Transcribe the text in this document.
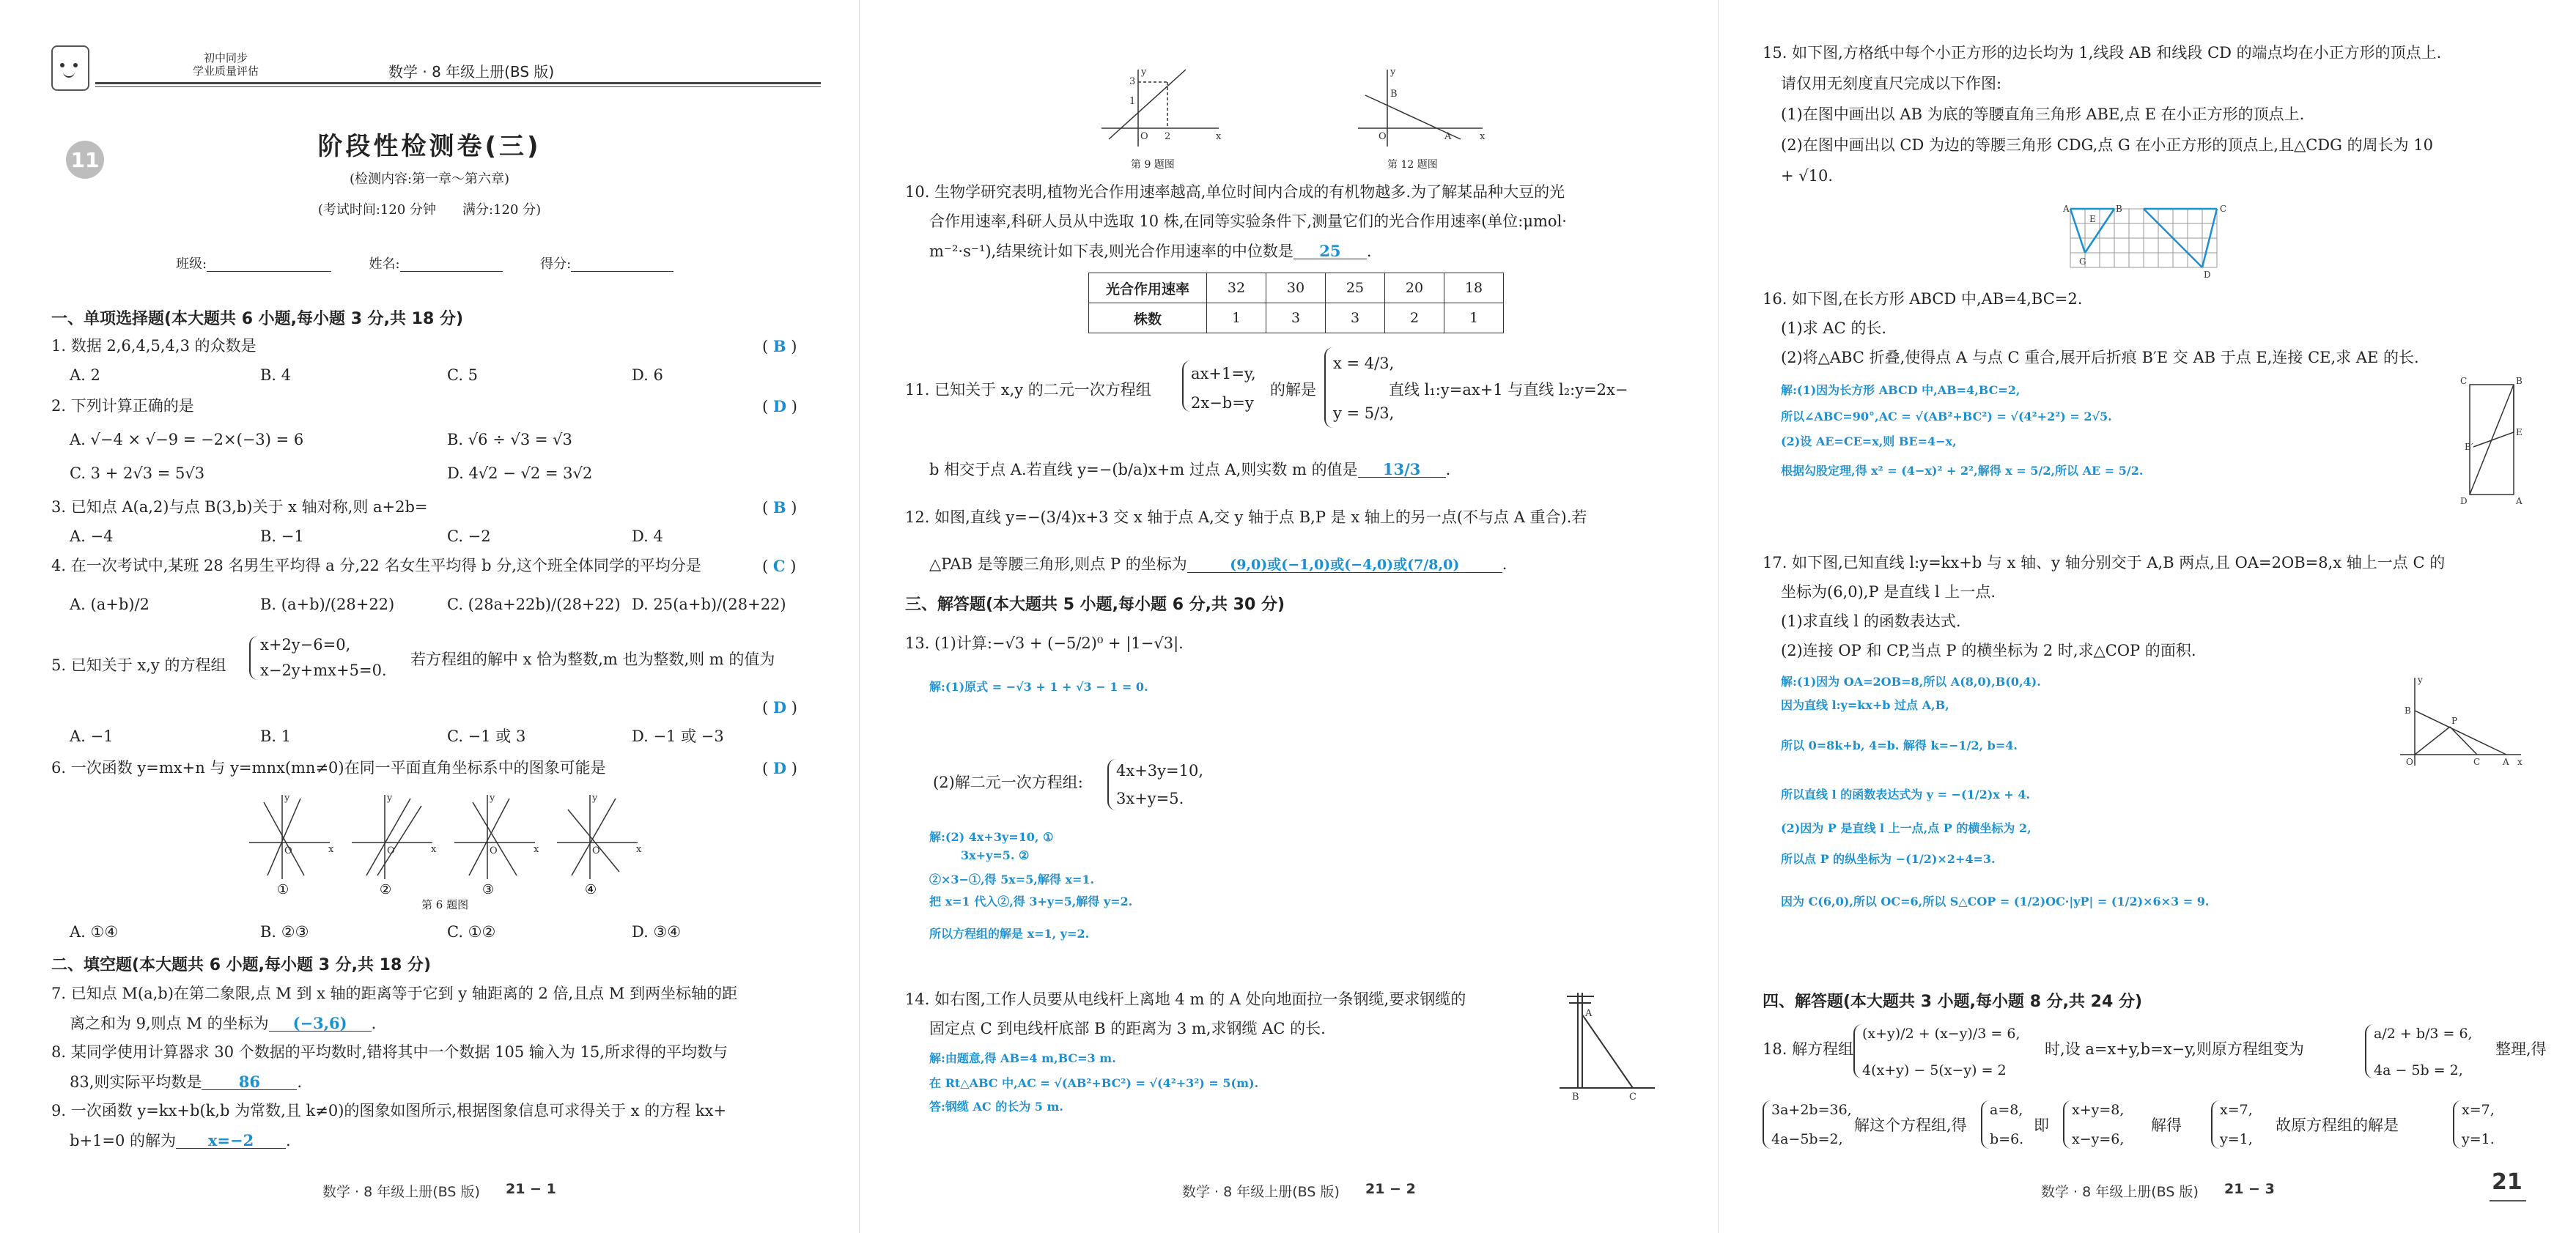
初中同步
学业质量评估	数学 · 8 年级上册(BS 版)
11	阶段性检测卷(三)
(检测内容:第一章～第六章)
(考试时间:120 分钟　　满分:120 分)
班级:	姓名:	得分:
一、单项选择题(本大题共 6 小题,每小题 3 分,共 18 分)
1. 数据 2,6,4,5,4,3 的众数是	( B )
A. 2	B. 4	C. 5	D. 6
2. 下列计算正确的是	( D )
A. √−4 × √−9 = −2×(−3) = 6	B. √6 ÷ √3 = √3
C. 3 + 2√3 = 5√3	D. 4√2 − √2 = 3√2
3. 已知点 A(a,2)与点 B(3,b)关于 x 轴对称,则 a+2b=	( B )
A. −4	B. −1	C. −2	D. 4
4. 在一次考试中,某班 28 名男生平均得 a 分,22 名女生平均得 b 分,这个班全体同学的平均分是	( C )
A. (a+b)/2	B. (a+b)/(28+22)	C. (28a+22b)/(28+22) D. 25(a+b)/(28+22)
5. 已知关于 x,y 的方程组
x+2y−6=0,
x−2y+mx+5=0.
若方程组的解中 x 恰为整数,m 也为整数,则 m 的值为
( D )
A. −1	B. 1	C. −1 或 3	D. −1 或 −3
6. 一次函数 y=mx+n 与 y=mnx(mn≠0)在同一平面直角坐标系中的图象可能是	( D )
O	x
y
O	x
y
O	x
y
O	x
y
①	②	③	④
第 6 题图
A. ①④	B. ②③	C. ①②	D. ③④
二、填空题(本大题共 6 小题,每小题 3 分,共 18 分)
7. 已知点 M(a,b)在第二象限,点 M 到 x 轴的距离等于它到 y 轴距离的 2 倍,且点 M 到两坐标轴的距
离之和为 9,则点 M 的坐标为 (−3,6) .
8. 某同学使用计算器求 30 个数据的平均数时,错将其中一个数据 105 输入为 15,所求得的平均数与
83,则实际平均数是 86 .
9. 一次函数 y=kx+b(k,b 为常数,且 k≠0)的图象如图所示,根据图象信息可求得关于 x 的方程 kx+
b+1=0 的解为 x=−2 .
数学 · 8 年级上册(BS 版) 21 − 1
3
1
O 2	x
y
第 9 题图
B
O	A	x
y
第 12 题图
10. 生物学研究表明,植物光合作用速率越高,单位时间内合成的有机物越多.为了解某品种大豆的光
合作用速率,科研人员从中选取 10 株,在同等实验条件下,测量它们的光合作用速率(单位:μmol·
m⁻²·s⁻¹),结果统计如下表,则光合作用速率的中位数是 25 .
光合作用速率	32	30	25	20	18
株数	1	3	3	2	1
11. 已知关于 x,y 的二元一次方程组
ax+1=y,
2x−b=y
的解是
x = 4/3,
y = 5/3,
直线 l₁:y=ax+1 与直线 l₂:y=2x−
b 相交于点 A.若直线 y=−(b/a)x+m 过点 A,则实数 m 的值是 13/3 .
12. 如图,直线 y=−(3/4)x+3 交 x 轴于点 A,交 y 轴于点 B,P 是 x 轴上的另一点(不与点 A 重合).若
△PAB 是等腰三角形,则点 P 的坐标为	(9,0)或(−1,0)或(−4,0)或(7/8,0)	.
三、解答题(本大题共 5 小题,每小题 6 分,共 30 分)
13. (1)计算:−√3 + (−5/2)⁰ + |1−√3|.
解:(1)原式 = −√3 + 1 + √3 − 1 = 0.
(2)解二元一次方程组:
4x+3y=10,
3x+y=5.
解:(2) 4x+3y=10, ①
3x+y=5. ②
②×3−①,得 5x=5,解得 x=1.
把 x=1 代入②,得 3+y=5,解得 y=2.
所以方程组的解是 x=1, y=2.
14. 如右图,工作人员要从电线杆上离地 4 m 的 A 处向地面拉一条钢缆,要求钢缆的
固定点 C 到电线杆底部 B 的距离为 3 m,求钢缆 AC 的长.
解:由题意,得 AB=4 m,BC=3 m.
在 Rt△ABC 中,AC = √(AB²+BC²) = √(4²+3²) = 5(m).
答:钢缆 AC 的长为 5 m.
A
B	C
数学 · 8 年级上册(BS 版) 21 − 2
15. 如下图,方格纸中每个小正方形的边长均为 1,线段 AB 和线段 CD 的端点均在小正方形的顶点上.
请仅用无刻度直尺完成以下作图:
(1)在图中画出以 AB 为底的等腰直角三角形 ABE,点 E 在小正方形的顶点上.
(2)在图中画出以 CD 为边的等腰三角形 CDG,点 G 在小正方形的顶点上,且△CDG 的周长为 10
+ √10.
A
E
B
G
C
D
16. 如下图,在长方形 ABCD 中,AB=4,BC=2.
(1)求 AC 的长.
(2)将△ABC 折叠,使得点 A 与点 C 重合,展开后折痕 B′E 交 AB 于点 E,连接 CE,求 AE 的长.
解:(1)因为长方形 ABCD 中,AB=4,BC=2,
所以∠ABC=90°,AC = √(AB²+BC²) = √(4²+2²) = 2√5.
(2)设 AE=CE=x,则 BE=4−x,
根据勾股定理,得 x² = (4−x)² + 2²,解得 x = 5/2,所以 AE = 5/2.
C	B
E
B′
D	A
17. 如下图,已知直线 l:y=kx+b 与 x 轴、y 轴分别交于 A,B 两点,且 OA=2OB=8,x 轴上一点 C 的
坐标为(6,0),P 是直线 l 上一点.
(1)求直线 l 的函数表达式.
(2)连接 OP 和 CP,当点 P 的横坐标为 2 时,求△COP 的面积.
解:(1)因为 OA=2OB=8,所以 A(8,0),B(0,4).
因为直线 l:y=kx+b 过点 A,B,
所以 0=8k+b, 4=b. 解得 k=−1/2, b=4.
所以直线 l 的函数表达式为 y = −(1/2)x + 4.
(2)因为 P 是直线 l 上一点,点 P 的横坐标为 2,
所以点 P 的纵坐标为 −(1/2)×2+4=3.
因为 C(6,0),所以 OC=6,所以 S△COP = (1/2)OC·|yP| = (1/2)×6×3 = 9.
B
P
O	C	A x
y
四、解答题(本大题共 3 小题,每小题 8 分,共 24 分)
18. 解方程组
(x+y)/2 + (x−y)/3 = 6,
4(x+y) − 5(x−y) = 2
时,设 a=x+y,b=x−y,则原方程组变为
a/2 + b/3 = 6,
4a − 5b = 2,
整理,得
3a+2b=36,
4a−5b=2,
解这个方程组,得
a=8,
b=6.
即
x+y=8,
x−y=6,
解得
x=7,
y=1,
故原方程组的解是
x=7,
y=1.
数学 · 8 年级上册(BS 版) 21 − 3	21
